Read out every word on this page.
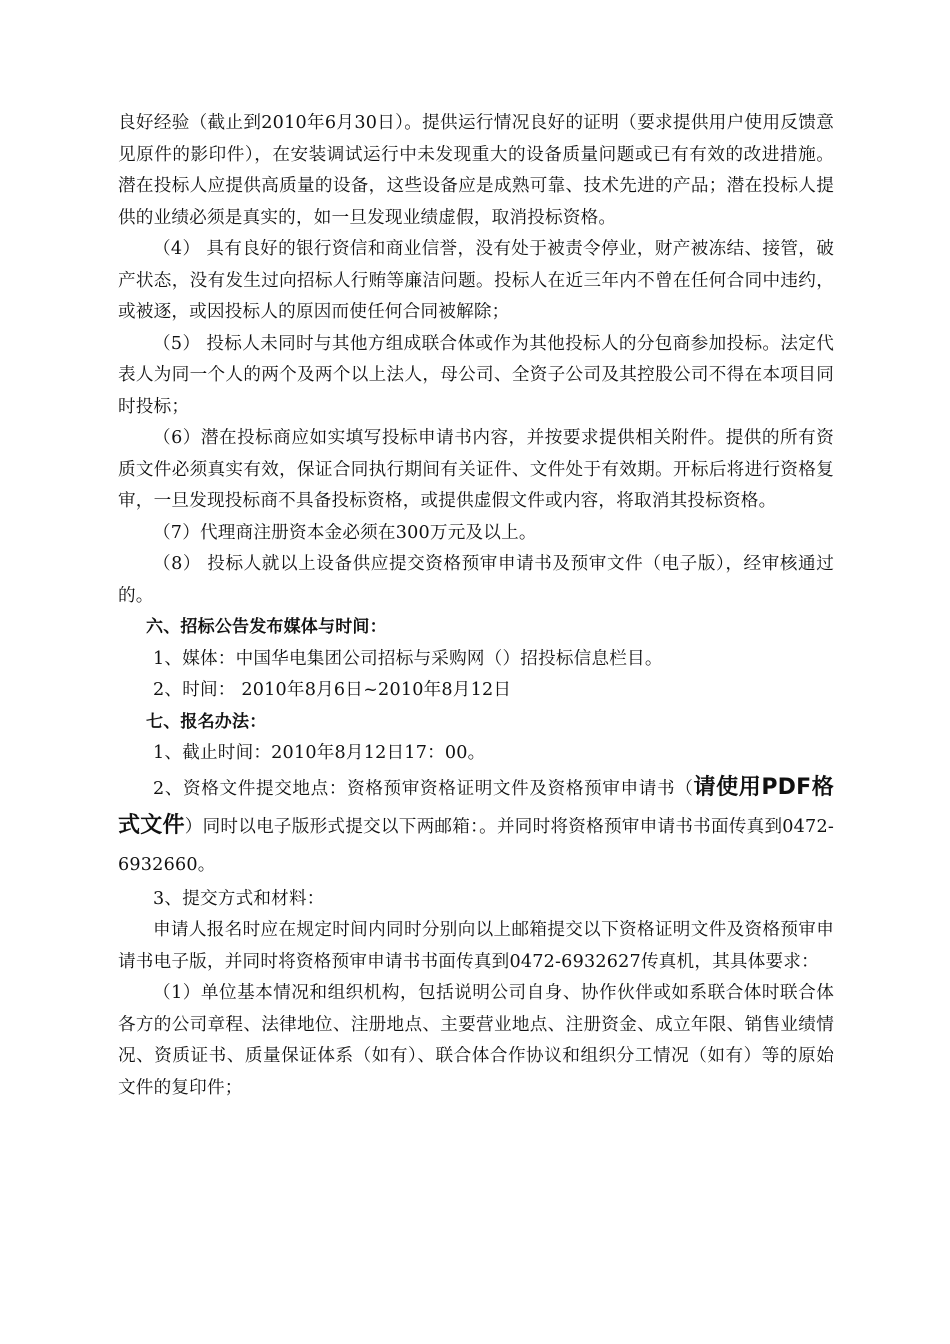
良好经验（截止到2010年6月30日）。提供运行情况良好的证明（要求提供用户使用反馈意见原件的影印件），在安装调试运行中未发现重大的设备质量问题或已有有效的改进措施。潜在投标人应提供高质量的设备，这些设备应是成熟可靠、技术先进的产品；潜在投标人提供的业绩必须是真实的，如一旦发现业绩虚假，取消投标资格。

（4） 具有良好的银行资信和商业信誉，没有处于被责令停业，财产被冻结、接管，破产状态，没有发生过向招标人行贿等廉洁问题。投标人在近三年内不曾在任何合同中违约，或被逐，或因投标人的原因而使任何合同被解除；

（5） 投标人未同时与其他方组成联合体或作为其他投标人的分包商参加投标。法定代表人为同一个人的两个及两个以上法人，母公司、全资子公司及其控股公司不得在本项目同时投标；

（6）潜在投标商应如实填写投标申请书内容，并按要求提供相关附件。提供的所有资质文件必须真实有效，保证合同执行期间有关证件、文件处于有效期。开标后将进行资格复审，一旦发现投标商不具备投标资格，或提供虚假文件或内容，将取消其投标资格。

（7）代理商注册资本金必须在300万元及以上。

（8） 投标人就以上设备供应提交资格预审申请书及预审文件（电子版），经审核通过的。

六、招标公告发布媒体与时间：

1、媒体：中国华电集团公司招标与采购网（）招投标信息栏目。

2、时间： 2010年8月6日~2010年8月12日

七、报名办法：

1、截止时间：2010年8月12日17：00。

2、资格文件提交地点：资格预审资格证明文件及资格预审申请书（请使用PDF格式文件）同时以电子版形式提交以下两邮箱：。并同时将资格预审申请书书面传真到0472-6932660。

3、提交方式和材料：

申请人报名时应在规定时间内同时分别向以上邮箱提交以下资格证明文件及资格预审申请书电子版，并同时将资格预审申请书书面传真到0472-6932627传真机，其具体要求：

（1）单位基本情况和组织机构，包括说明公司自身、协作伙伴或如系联合体时联合体各方的公司章程、法律地位、注册地点、主要营业地点、注册资金、成立年限、销售业绩情况、资质证书、质量保证体系（如有）、联合体合作协议和组织分工情况（如有）等的原始文件的复印件；
